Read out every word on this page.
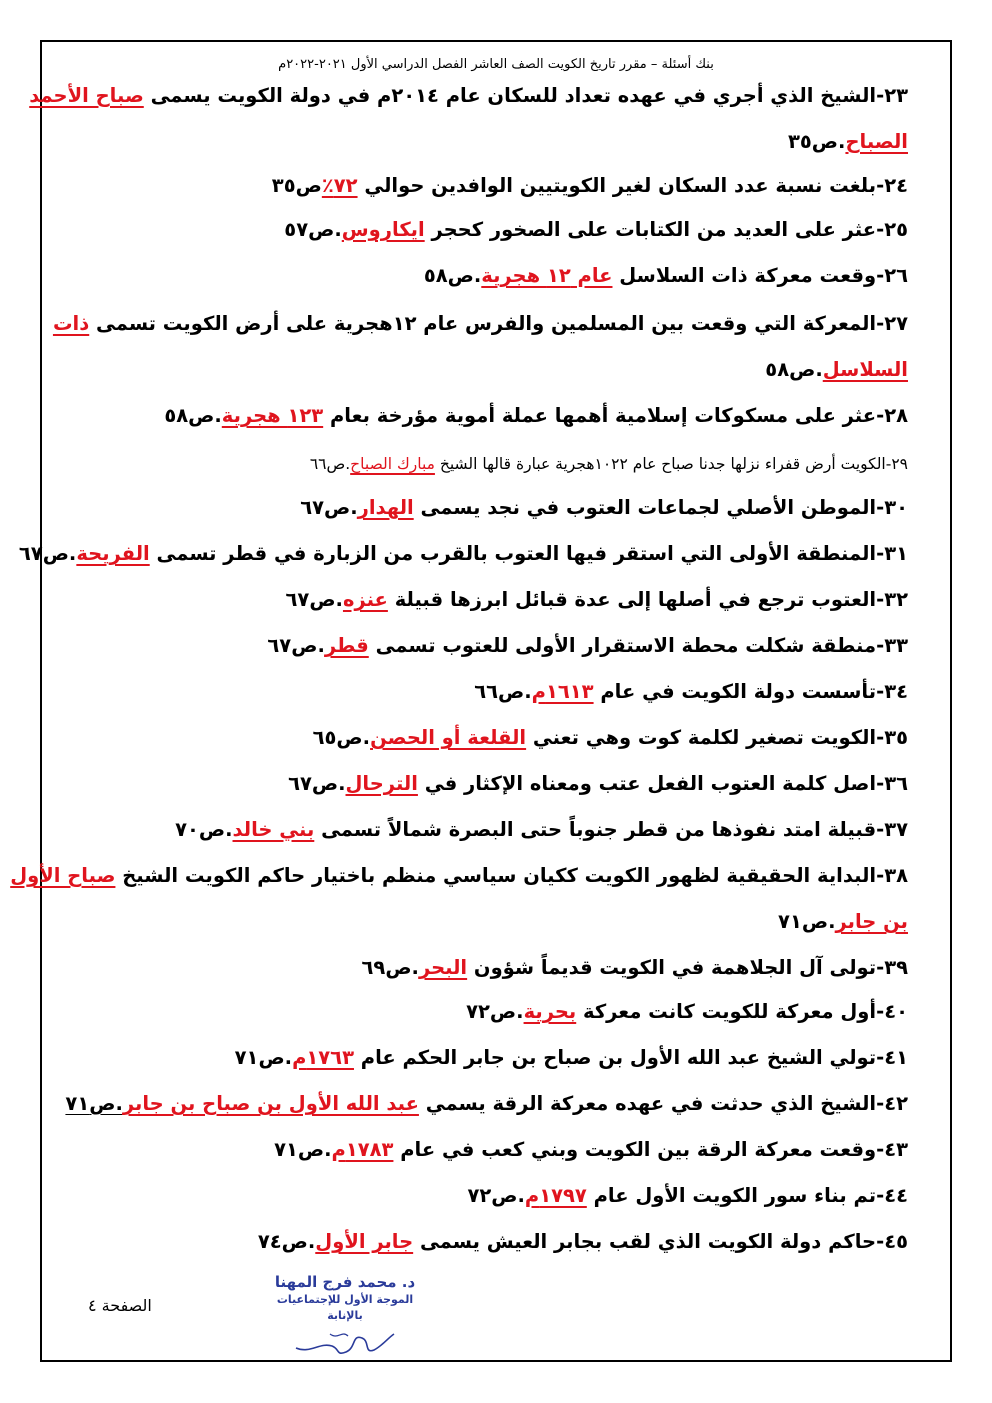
بنك أسئلة – مقرر تاريخ الكويت الصف العاشر الفصل الدراسي الأول ٢٠٢١-٢٠٢٢م
٢٣-الشيخ الذي أجري في عهده تعداد للسكان عام ٢٠١٤م في دولة الكويت يسمى صباح الأحمد
الصباح.ص٣٥
٢٤-بلغت نسبة عدد السكان لغير الكويتيين الوافدين حوالي ٧٢٪ص٣٥
٢٥-عثر على العديد من الكتابات على الصخور كحجر ايكاروس.ص٥٧
٢٦-وقعت معركة ذات السلاسل عام ١٢ هجرية.ص٥٨
٢٧-المعركة التي وقعت بين المسلمين والفرس عام ١٢هجرية على أرض الكويت تسمى ذات
السلاسل.ص٥٨
٢٨-عثر على مسكوكات إسلامية أهمها عملة أموية مؤرخة بعام ١٢٣ هجرية.ص٥٨
٢٩-الكويت أرض قفراء نزلها جدنا صباح عام ١٠٢٢هجرية عبارة قالها الشيخ مبارك الصباح.ص٦٦
٣٠-الموطن الأصلي لجماعات العتوب في نجد يسمى الهدار.ص٦٧
٣١-المنطقة الأولى التي استقر فيها العتوب بالقرب من الزبارة في قطر تسمى الفريحة.ص٦٧
٣٢-العتوب ترجع في أصلها إلى عدة قبائل ابرزها قبيلة عنزه.ص٦٧
٣٣-منطقة شكلت محطة الاستقرار الأولى للعتوب تسمى قطر.ص٦٧
٣٤-تأسست دولة الكويت في عام ١٦١٣م.ص٦٦
٣٥-الكويت تصغير لكلمة كوت وهي تعني القلعة أو الحصن.ص٦٥
٣٦-اصل كلمة العتوب الفعل عتب ومعناه الإكثار في الترحال.ص٦٧
٣٧-قبيلة امتد نفوذها من قطر جنوباً حتى البصرة شمالاً تسمى بني خالد.ص٧٠
٣٨-البداية الحقيقية لظهور الكويت ككيان سياسي منظم باختيار حاكم الكويت الشيخ صباح الأول
بن جابر.ص٧١
٣٩-تولى آل الجلاهمة في الكويت قديماً شؤون البحر.ص٦٩
٤٠-أول معركة للكويت كانت معركة بحرية.ص٧٢
٤١-تولي الشيخ عبد الله الأول بن صباح بن جابر الحكم عام ١٧٦٣م.ص٧١
٤٢-الشيخ الذي حدثت في عهده معركة الرقة يسمي عبد الله الأول بن صباح بن جابر.ص٧١
٤٣-وقعت معركة الرقة بين الكويت وبني كعب في عام ١٧٨٣م.ص٧١
٤٤-تم بناء سور الكويت الأول عام ١٧٩٧م.ص٧٢
٤٥-حاكم دولة الكويت الذي لقب بجابر العيش يسمى جابر الأول.ص٧٤
د. محمد فرج المهنا
الموجة الأول للإجتماعيات بالإنابة
الصفحة ٤
